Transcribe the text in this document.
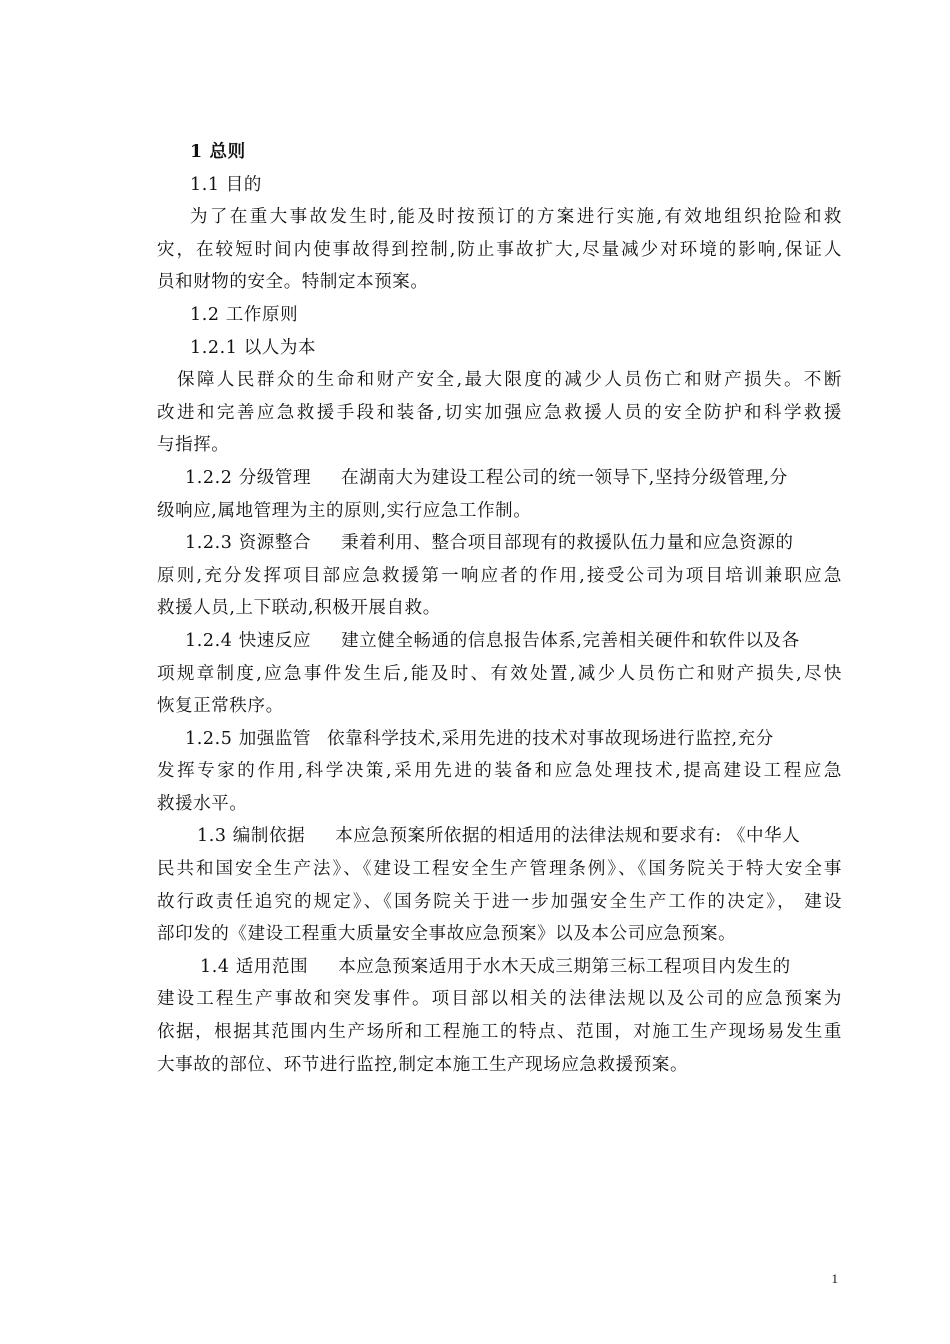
1 总则
1.1 目的
为了在重大事故发生时,能及时按预订的方案进行实施,有效地组织抢险和救
灾，在较短时间内使事故得到控制,防止事故扩大,尽量减少对环境的影响,保证人
员和财物的安全。特制定本预案。
1.2 工作原则
1.2.1 以人为本
保障人民群众的生命和财产安全,最大限度的减少人员伤亡和财产损失。不断
改进和完善应急救援手段和装备,切实加强应急救援人员的安全防护和科学救援
与指挥。
1.2.2 分级管理 在湖南大为建设工程公司的统一领导下,坚持分级管理,分
级响应,属地管理为主的原则,实行应急工作制。
1.2.3 资源整合 秉着利用、整合项目部现有的救援队伍力量和应急资源的
原则,充分发挥项目部应急救援第一响应者的作用,接受公司为项目培训兼职应急
救援人员,上下联动,积极开展自救。
1.2.4 快速反应 建立健全畅通的信息报告体系,完善相关硬件和软件以及各
项规章制度,应急事件发生后,能及时、有效处置,减少人员伤亡和财产损失,尽快
恢复正常秩序。
1.2.5 加强监管 依靠科学技术,采用先进的技术对事故现场进行监控,充分
发挥专家的作用,科学决策,采用先进的装备和应急处理技术,提高建设工程应急
救援水平。
1.3 编制依据 本应急预案所依据的相适用的法律法规和要求有: 《中华人
民共和国安全生产法》、《建设工程安全生产管理条例》、《国务院关于特大安全事
故行政责任追究的规定》、《国务院关于进一步加强安全生产工作的决定》， 建设
部印发的《建设工程重大质量安全事故应急预案》以及本公司应急预案。
1.4 适用范围 本应急预案适用于水木天成三期第三标工程项目内发生的
建设工程生产事故和突发事件。项目部以相关的法律法规以及公司的应急预案为
依据，根据其范围内生产场所和工程施工的特点、范围，对施工生产现场易发生重
大事故的部位、环节进行监控,制定本施工生产现场应急救援预案。
1
